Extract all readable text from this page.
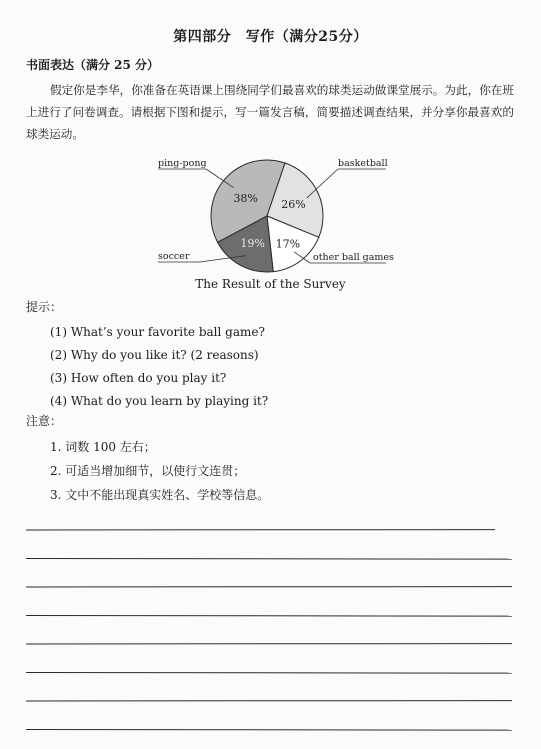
第四部分　写作（满分25分）
书面表达（满分 25 分）
假定你是李华，你准备在英语课上围绕同学们最喜欢的球类运动做课堂展示。为此，你在班上进行了问卷调查。请根据下图和提示，写一篇发言稿，简要描述调查结果，并分享你最喜欢的球类运动。
38%
ping-pong
26%
basketball
17%
other ball games
19%
soccer
The Result of the Survey
提示：
(1) What’s your favorite ball game?
(2) Why do you like it? (2 reasons)
(3) How often do you play it?
(4) What do you learn by playing it?
注意：
1. 词数 100 左右；
2. 可适当增加细节，以使行文连贯；
3. 文中不能出现真实姓名、学校等信息。
